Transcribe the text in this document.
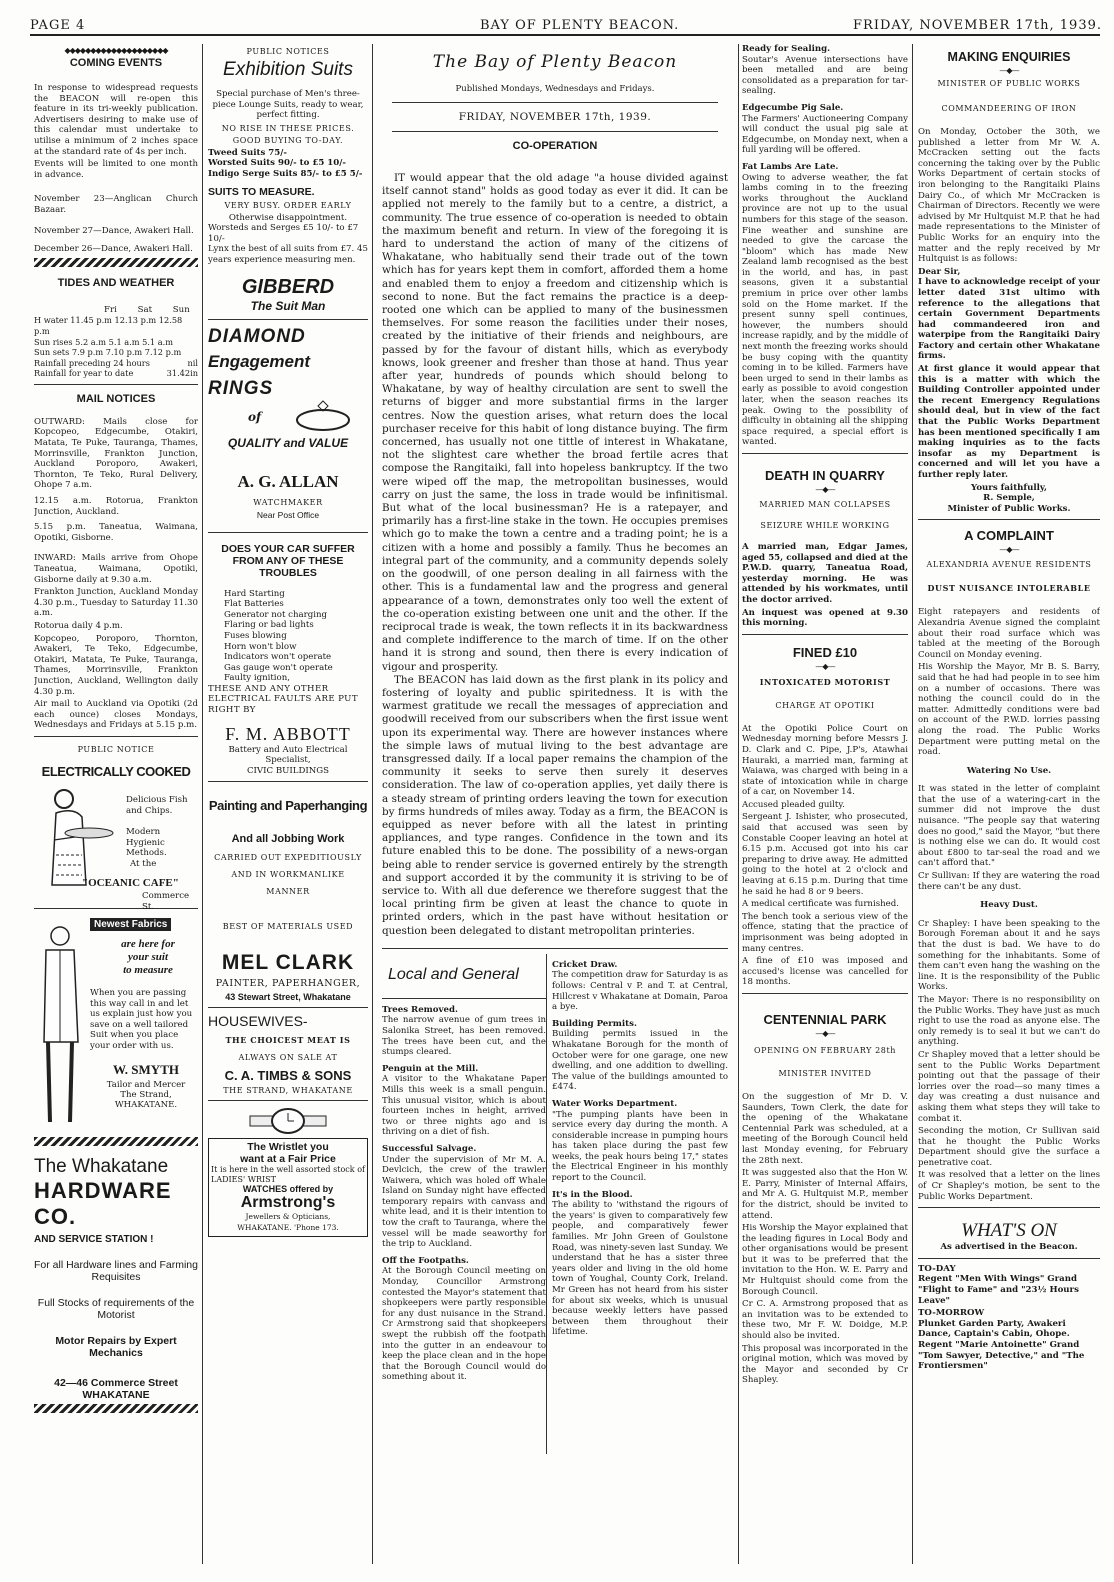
PAGE 4	BAY OF PLENTY BEACON.	FRIDAY, NOVEMBER 17th, 1939.
◆◆◆◆◆◆◆◆◆◆◆◆◆◆◆◆◆◆◆◆
COMING EVENTS

In response to widespread requests the BEACON will re-open this feature in its tri-weekly publication. Advertisers desiring to make use of this calendar must undertake to utilise a minimum of 2 inches space at the standard rate of 4s per inch.

Events will be limited to one month in advance.

November 23—Anglican Church Bazaar.
November 27—Dance, Awakeri Hall.
December 26—Dance, Awakeri Hall.
TIDES AND WEATHER
Fri Sat Sun
H water 11.45 p.m 12.13 p.m 12.58 p.m
Sun rises 5.2 a.m 5.1 a.m 5.1 a.m
Sun sets 7.9 p.m 7.10 p.m 7.12 p.m
Rainfall preceding 24 hours	nil
Rainfall for year to date	31.42in
MAIL NOTICES

OUTWARD: Mails close for Kopcopeo, Edgecumbe, Otakiri, Matata, Te Puke, Tauranga, Thames, Morrinsville, Frankton Junction, Auckland Poroporo, Awakeri, Thornton, Te Teko, Rural Delivery, Ohope 7 a.m.

12.15 a.m. Rotorua, Frankton Junction, Auckland.

5.15 p.m. Taneatua, Waimana, Opotiki, Gisborne.

INWARD: Mails arrive from Ohope Taneatua, Waimana, Opotiki, Gisborne daily at 9.30 a.m.

Frankton Junction, Auckland Monday 4.30 p.m., Tuesday to Saturday 11.30 a.m.

Rotorua daily 4 p.m.

Kopcopeo, Poroporo, Thornton, Awakeri, Te Teko, Edgecumbe, Otakiri, Matata, Te Puke, Tauranga, Thames, Morrinsville, Frankton Junction, Auckland, Wellington daily 4.30 p.m.

Air mail to Auckland via Opotiki (2d each ounce) closes Mondays, Wednesdays and Fridays at 5.15 p.m.

PUBLIC NOTICE
ELECTRICALLY COOKED
Delicious Fish and Chips.
Modern Hygienic Methods.
At the
"OCEANIC CAFE"
Commerce St.
Newest Fabrics
are here for
your suit
to measure
When you are passing this way call in and let us explain just how you save on a well tailored Suit when you place your order with us.
W. SMYTH
Tailor and Mercer
The Strand,
WHAKATANE.
The Whakatane
HARDWARE CO.
AND SERVICE STATION !
For all Hardware lines and Farming Requisites
Full Stocks of requirements of the Motorist
Motor Repairs by Expert Mechanics
42—46 Commerce Street
WHAKATANE
PUBLIC NOTICES
Exhibition Suits

Special purchase of Men's three-piece Lounge Suits, ready to wear, perfect fitting.

NO RISE IN THESE PRICES.
GOOD BUYING TO-DAY.
Tweed Suits 75/-
Worsted Suits 90/- to £5 10/-
Indigo Serge Suits 85/- to £5 5/-
SUITS TO MEASURE.
VERY BUSY. ORDER EARLY
Otherwise disappointment.
Worsteds and Serges £5 10/- to £7 10/-
Lynx the best of all suits from £7. 45 years experience measuring men.
GIBBERD
The Suit Man
DIAMOND
Engagement
RINGS
of
QUALITY and VALUE
A. G. ALLAN
WATCHMAKER
Near Post Office
DOES YOUR CAR SUFFER FROM ANY OF THESE TROUBLES
Hard Starting
Flat Batteries
Generator not charging
Flaring or bad lights
Fuses blowing
Horn won't blow
Indicators won't operate
Gas gauge won't operate
Faulty ignition,
THESE AND ANY OTHER ELECTRICAL FAULTS ARE PUT RIGHT BY
F. M. ABBOTT
Battery and Auto Electrical Specialist,
CIVIC BUILDINGS
Painting and Paperhanging
And all Jobbing Work
CARRIED OUT EXPEDITIOUSLY
AND IN WORKMANLIKE
MANNER
BEST OF MATERIALS USED
MEL CLARK
PAINTER, PAPERHANGER,
43 Stewart Street, Whakatane
HOUSEWIVES-
THE CHOICEST MEAT IS
ALWAYS ON SALE AT
C. A. TIMBS & SONS
THE STRAND, WHAKATANE
The Wristlet you
want at a Fair Price
It is here in the well assorted stock of LADIES' WRIST
WATCHES offered by
Armstrong's
Jewellers & Opticians,
WHAKATANE. 'Phone 173.
The Bay of Plenty Beacon
Published Mondays, Wednesdays and Fridays.
FRIDAY, NOVEMBER 17th, 1939.
CO-OPERATION

IT would appear that the old adage "a house divided against itself cannot stand" holds as good today as ever it did. It can be applied not merely to the family but to a centre, a district, a community. The true essence of co-operation is needed to obtain the maximum benefit and return. In view of the foregoing it is hard to understand the action of many of the citizens of Whakatane, who habitually send their trade out of the town which has for years kept them in comfort, afforded them a home and enabled them to enjoy a freedom and citizenship which is second to none. But the fact remains the practice is a deep-rooted one which can be applied to many of the businessmen themselves. For some reason the facilities under their noses, created by the initiative of their friends and neighbours, are passed by for the favour of distant hills, which as everybody knows, look greener and fresher than those at hand. Thus year after year, hundreds of pounds which should belong to Whakatane, by way of healthy circulation are sent to swell the returns of bigger and more substantial firms in the larger centres. Now the question arises, what return does the local purchaser receive for this habit of long distance buying. The firm concerned, has usually not one tittle of interest in Whakatane, not the slightest care whether the broad fertile acres that compose the Rangitaiki, fall into hopeless bankruptcy. If the two were wiped off the map, the metropolitan businesses, would carry on just the same, the loss in trade would be infinitismal. But what of the local businessman? He is a ratepayer, and primarily has a first-line stake in the town. He occupies premises which go to make the town a centre and a trading point; he is a citizen with a home and possibly a family. Thus he becomes an integral part of the community, and a community depends solely on the goodwill, of one person dealing in all fairness with the other. This is a fundamental law and the progress and general appearance of a town, demonstrates only too well the extent of the co-operation existing between one unit and the other. If the reciprocal trade is weak, the town reflects it in its backwardness and complete indifference to the march of time. If on the other hand it is strong and sound, then there is every indication of vigour and prosperity.

The BEACON has laid down as the first plank in its policy and fostering of loyalty and public spiritedness. It is with the warmest gratitude we recall the messages of appreciation and goodwill received from our subscribers when the first issue went upon its experimental way. There are however instances where the simple laws of mutual living to the best advantage are transgressed daily. If a local paper remains the champion of the community it seeks to serve then surely it deserves consideration. The law of co-operation applies, yet daily there is a steady stream of printing orders leaving the town for execution by firms hundreds of miles away. Today as a firm, the BEACON is equipped as never before with all the latest in printing appliances, and type ranges. Confidence in the town and its future enabled this to be done. The possibility of a news-organ being able to render service is governed entirely by the strength and support accorded it by the community it is striving to be of service to. With all due deference we therefore suggest that the local printing firm be given at least the chance to quote in printed orders, which in the past have without hesitation or question been delegated to distant metropolitan printeries.

Local and General
Trees Removed.

The narrow avenue of gum trees in Salonika Street, has been removed. The trees have been cut, and the stumps cleared.

Penguin at the Mill.

A visitor to the Whakatane Paper Mills this week is a small penguin. This unusual visitor, which is about fourteen inches in height, arrived two or three nights ago and is thriving on a diet of fish.

Successful Salvage.

Under the supervision of Mr M. A. Devlcich, the crew of the trawler Waiwera, which was holed off Whale Island on Sunday night have effected temporary repairs with canvass and white lead, and it is their intention to tow the craft to Tauranga, where the vessel will be made seaworthy for the trip to Auckland.

Off the Footpaths.

At the Borough Council meeting on Monday, Councillor Armstrong contested the Mayor's statement that shopkeepers were partly responsible for any dust nuisance in the Strand. Cr Armstrong said that shopkeepers swept the rubbish off the footpath into the gutter in an endeavour to keep the place clean and in the hope that the Borough Council would do something about it.

Cricket Draw.

The competition draw for Saturday is as follows: Central v P. and T. at Central, Hillcrest v Whakatane at Domain, Paroa a bye.

Building Permits.

Building permits issued in the Whakatane Borough for the month of October were for one garage, one new dwelling, and one addition to dwelling. The value of the buildings amounted to £474.

Water Works Department.

"The pumping plants have been in service every day during the month. A considerable increase in pumping hours has taken place during the past few weeks, the peak hours being 17," states the Electrical Engineer in his monthly report to the Council.

It's in the Blood.

The ability to 'withstand the rigours of the years' is given to comparatively few people, and comparatively fewer families. Mr John Green of Goulstone Road, was ninety-seven last Sunday. We understand that he has a sister three years older and living in the old home town of Youghal, County Cork, Ireland. Mr Green has not heard from his sister for about six weeks, which is unusual because weekly letters have passed between them throughout their lifetime.

Ready for Sealing.

Soutar's Avenue intersections have been metalled and are being consolidated as a preparation for tar-sealing.

Edgecumbe Pig Sale.

The Farmers' Auctioneering Company will conduct the usual pig sale at Edgecumbe, on Monday next, when a full yarding will be offered.

Fat Lambs Are Late.

Owing to adverse weather, the fat lambs coming in to the freezing works throughout the Auckland province are not up to the usual numbers for this stage of the season. Fine weather and sunshine are needed to give the carcase the "bloom" which has made New Zealand lamb recognised as the best in the world, and has, in past seasons, given it a substantial premium in price over other lambs sold on the Home market. If the present sunny spell continues, however, the numbers should increase rapidly, and by the middle of next month the freezing works should be busy coping with the quantity coming in to be killed. Farmers have been urged to send in their lambs as early as possible to avoid congestion later, when the season reaches its peak. Owing to the possibility of difficulty in obtaining all the shipping space required, a special effort is wanted.

DEATH IN QUARRY
—◆—
MARRIED MAN COLLAPSES
SEIZURE WHILE WORKING

A married man, Edgar James, aged 55, collapsed and died at the P.W.D. quarry, Taneatua Road, yesterday morning. He was attended by his workmates, until the doctor arrived.

An inquest was opened at 9.30 this morning.

FINED £10
—◆—
INTOXICATED MOTORIST
CHARGE AT OPOTIKI

At the Opotiki Police Court on Wednesday morning before Messrs J. D. Clark and C. Pipe, J.P's, Atawhai Hauraki, a married man, farming at Waiawa, was charged with being in a state of intoxication while in charge of a car, on November 14.

Accused pleaded guilty.

Sergeant J. Ishister, who prosecuted, said that accused was seen by Constable Cooper leaving an hotel at 6.15 p.m. Accused got into his car preparing to drive away. He admitted going to the hotel at 2 o'clock and leaving at 6.15 p.m. During that time he said he had 8 or 9 beers.

A medical certificate was furnished.

The bench took a serious view of the offence, stating that the practice of imprisonment was being adopted in many centres.

A fine of £10 was imposed and accused's license was cancelled for 18 months.

CENTENNIAL PARK
—◆—
OPENING ON FEBRUARY 28th
MINISTER INVITED

On the suggestion of Mr D. V. Saunders, Town Clerk, the date for the opening of the Whakatane Centennial Park was scheduled, at a meeting of the Borough Council held last Monday evening, for February the 28th next.

It was suggested also that the Hon W. E. Parry, Minister of Internal Affairs, and Mr A. G. Hultquist M.P., member for the district, should be invited to attend.

His Worship the Mayor explained that the leading figures in Local Body and other organisations would be present but it was to be preferred that the invitation to the Hon. W. E. Parry and Mr Hultquist should come from the Borough Council.

Cr C. A. Armstrong proposed that as an invitation was to be extended to these two, Mr F. W. Doidge, M.P. should also be invited.

This proposal was incorporated in the original motion, which was moved by the Mayor and seconded by Cr Shapley.

MAKING ENQUIRIES
—◆—
MINISTER OF PUBLIC WORKS
COMMANDEERING OF IRON

On Monday, October the 30th, we published a letter from Mr W. A. McCracken setting out the facts concerning the taking over by the Public Works Department of certain stocks of iron belonging to the Rangitaiki Plains Dairy Co., of which Mr McCracken is Chairman of Directors. Recently we were advised by Mr Hultquist M.P. that he had made representations to the Minister of Public Works for an enquiry into the matter and the reply received by Mr Hultquist is as follows:

Dear Sir,

I have to acknowledge receipt of your letter dated 31st ultimo with reference to the allegations that certain Government Departments had commandeered iron and waterpipe from the Rangitaiki Dairy Factory and certain other Whakatane firms.

At first glance it would appear that this is a matter with which the Building Controller appointed under the recent Emergency Regulations should deal, but in view of the fact that the Public Works Department has been mentioned specifically I am making inquiries as to the facts insofar as my Department is concerned and will let you have a further reply later.

Yours faithfully,
R. Semple,
Minister of Public Works.
A COMPLAINT
—◆—
ALEXANDRIA AVENUE RESIDENTS
DUST NUISANCE INTOLERABLE

Eight ratepayers and residents of Alexandria Avenue signed the complaint about their road surface which was tabled at the meeting of the Borough Council on Monday evening.

His Worship the Mayor, Mr B. S. Barry, said that he had had people in to see him on a number of occasions. There was nothing the council could do in the matter. Admittedly conditions were bad on account of the P.W.D. lorries passing along the road. The Public Works Department were putting metal on the road.

Watering No Use.

It was stated in the letter of complaint that the use of a watering-cart in the summer did not improve the dust nuisance. "The people say that watering does no good," said the Mayor, "but there is nothing else we can do. It would cost about £800 to tar-seal the road and we can't afford that."

Cr Sullivan: If they are watering the road there can't be any dust.

Heavy Dust.

Cr Shapley: I have been speaking to the Borough Foreman about it and he says that the dust is bad. We have to do something for the inhabitants. Some of them can't even hang the washing on the line. It is the responsibility of the Public Works.

The Mayor: There is no responsibility on the Public Works. They have just as much right to use the road as anyone else. The only remedy is to seal it but we can't do anything.

Cr Shapley moved that a letter should be sent to the Public Works Department pointing out that the passage of their lorries over the road—so many times a day was creating a dust nuisance and asking them what steps they will take to combat it.

Seconding the motion, Cr Sullivan said that he thought the Public Works Department should give the surface a penetrative coat.

It was resolved that a letter on the lines of Cr Shapley's motion, be sent to the Public Works Department.

WHAT'S ON
As advertised in the Beacon.
TO-DAY

Regent "Men With Wings" Grand "Flight to Fame" and "23½ Hours Leave"

TO-MORROW

Plunket Garden Party, Awakeri Dance, Captain's Cabin, Ohope. Regent "Marie Antoinette" Grand "Tom Sawyer, Detective," and "The Frontiersmen"
